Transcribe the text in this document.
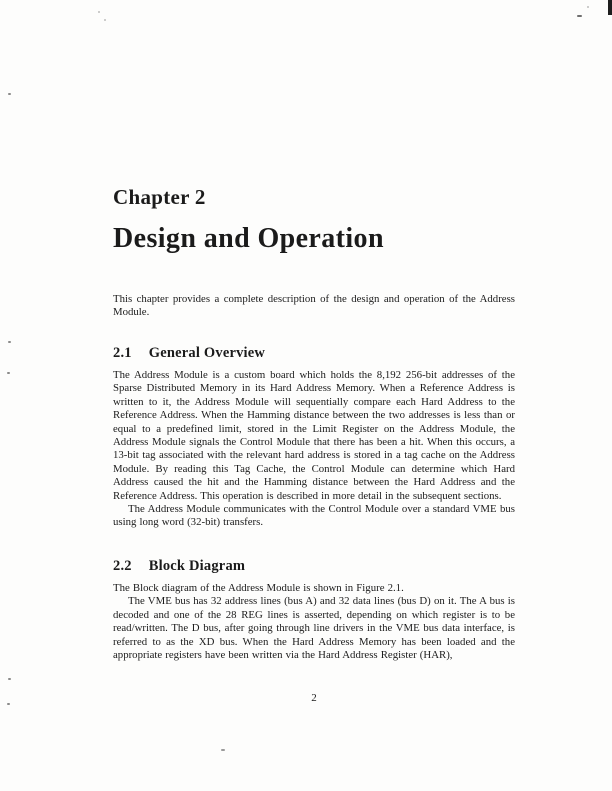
Chapter 2
Design and Operation

This chapter provides a complete description of the design and operation of the Address Module.

2.1 General Overview

The Address Module is a custom board which holds the 8,192 256-bit addresses of the Sparse Distributed Memory in its Hard Address Memory. When a Reference Address is written to it, the Address Module will sequentially compare each Hard Address to the Reference Address. When the Hamming distance between the two addresses is less than or equal to a predefined limit, stored in the Limit Register on the Address Module, the Address Module signals the Control Module that there has been a hit. When this occurs, a 13-bit tag associated with the relevant hard address is stored in a tag cache on the Address Module. By reading this Tag Cache, the Control Module can determine which Hard Address caused the hit and the Hamming distance between the Hard Address and the Reference Address. This operation is described in more detail in the subsequent sections.

The Address Module communicates with the Control Module over a standard VME bus using long word (32-bit) transfers.

2.2 Block Diagram

The Block diagram of the Address Module is shown in Figure 2.1.

The VME bus has 32 address lines (bus A) and 32 data lines (bus D) on it. The A bus is decoded and one of the 28 REG lines is asserted, depending on which register is to be read/written. The D bus, after going through line drivers in the VME bus data interface, is referred to as the XD bus. When the Hard Address Memory has been loaded and the appropriate registers have been written via the Hard Address Register (HAR),

2
